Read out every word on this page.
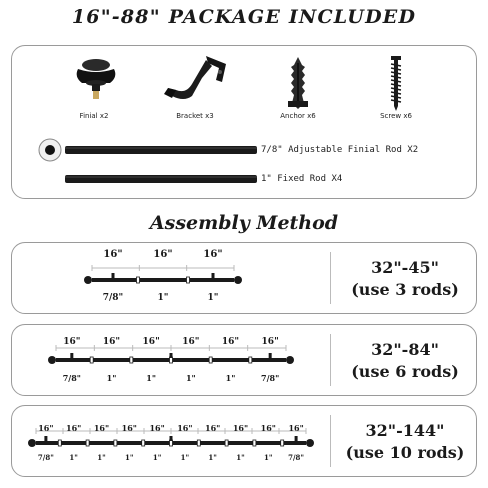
16"-88" PACKAGE INCLUDED
Finial x2	Bracket x3	Anchor x6	Screw x6
7/8" Adjustable Finial Rod X2
1" Fixed Rod X4
Assembly Method
32"-45"
(use 3 rods)
32"-84"
(use 6 rods)
32"-144"
(use 10 rods)
16"	16"	16"
7/8"	1"	1"
16"	16"	16"	16"	16"	16"
7/8"	1"	1"	1"	1"	7/8"
16"	16"	16"	16"	16"	16"	16"	16"	16"	16"
7/8"	1"	1"	1"	1"	1"	1"	1"	1"	7/8"
